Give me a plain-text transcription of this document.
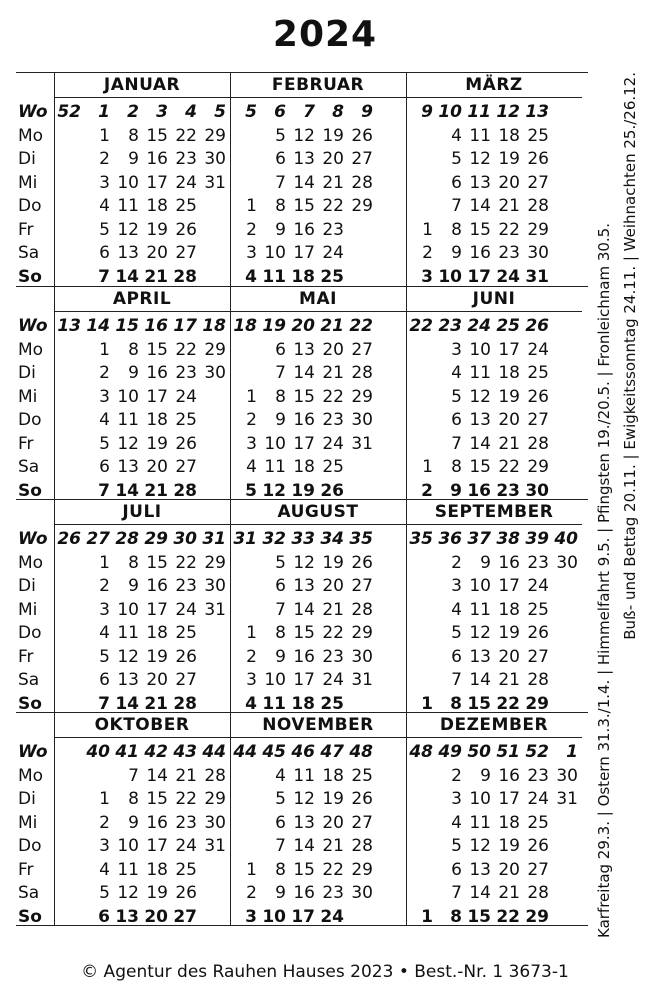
2024
Wo
Mo
Di
Mi
Do
Fr
Sa
So
JANUAR
52	1
1
2
3
4
5
6
7
2
8
9
10
11
12
13
14
3
15
16
17
18
19
20
21
4
22
23
24
25
26
27
28
5
29
30
31
FEBRUAR
5
1
2
3
4
6
5
6
7
8
9
10
11
7
12
13
14
15
16
17
18
8
19
20
21
22
23
24
25
9
26
27
28
29
MÄRZ
9
1
2
3
10
4
5
6
7
8
9
10
11
11
12
13
14
15
16
17
12
18
19
20
21
22
23
24
13
25
26
27
28
29
30
31
Wo
Mo
Di
Mi
Do
Fr
Sa
So
APRIL
13 14
1
2
3
4
5
6
7
15
8
9
10
11
12
13
14
16
15
16
17
18
19
20
21
17
22
23
24
25
26
27
28
18
29
30
MAI
18
1
2
3
4
5
19
6
7
8
9
10
11
12
20
13
14
15
16
17
18
19
21
20
21
22
23
24
25
26
22
27
28
29
30
31
JUNI
22
1
2
23
3
4
5
6
7
8
9
24
10
11
12
13
14
15
16
25
17
18
19
20
21
22
23
26
24
25
26
27
28
29
30
Wo
Mo
Di
Mi
Do
Fr
Sa
So
JULI
26 27
1
2
3
4
5
6
7
28
8
9
10
11
12
13
14
29
15
16
17
18
19
20
21
30
22
23
24
25
26
27
28
31
29
30
31
AUGUST
31
1
2
3
4
32
5
6
7
8
9
10
11
33
12
13
14
15
16
17
18
34
19
20
21
22
23
24
25
35
26
27
28
29
30
31
SEPTEMBER
35
1
36
2
3
4
5
6
7
8
37
9
10
11
12
13
14
15
38
16
17
18
19
20
21
22
39
23
24
25
26
27
28
29
40
30
Wo
Mo
Di
Mi
Do
Fr
Sa
So
OKTOBER
40
1
2
3
4
5
6
41
7
8
9
10
11
12
13
42
14
15
16
17
18
19
20
43
21
22
23
24
25
26
27
44
28
29
30
31
NOVEMBER
44
1
2
3
45
4
5
6
7
8
9
10
46
11
12
13
14
15
16
17
47
18
19
20
21
22
23
24
48
25
26
27
28
29
30
DEZEMBER
48
1
49
2
3
4
5
6
7
8
50
9
10
11
12
13
14
15
51
16
17
18
19
20
21
22
52
23
24
25
26
27
28
29
1
30
31 Karfreitag 29.3. | Ostern 31.3./1.4. | Himmelfahrt 9.5. | Pfingsten 19./20.5. | Fronleichnam 30.5. Buß- und Bettag 20.11. | Ewigkeitssonntag 24.11. | Weihnachten 25./26.12.
© Agentur des Rauhen Hauses 2023 • Best.-Nr. 1 3673-1
